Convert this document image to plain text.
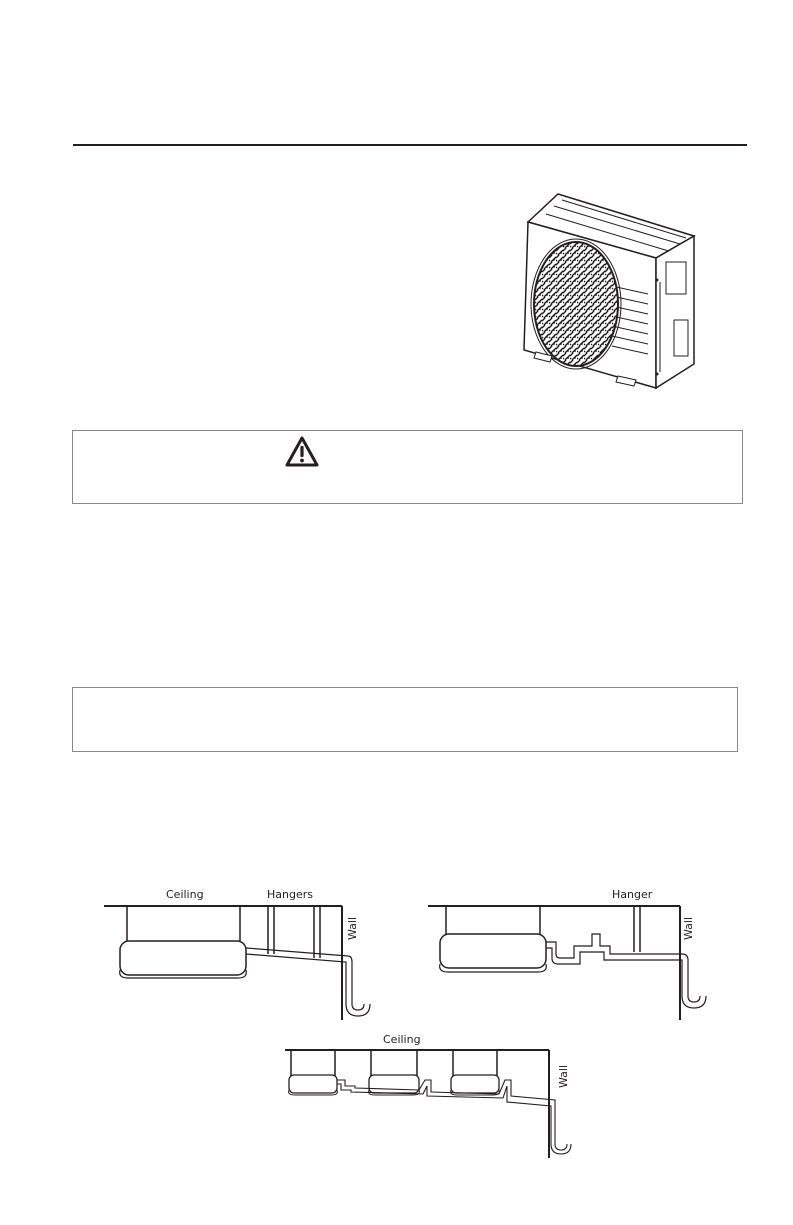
Ceiling	Hangers
Wall
Hanger
Wall
Ceiling
Wall
